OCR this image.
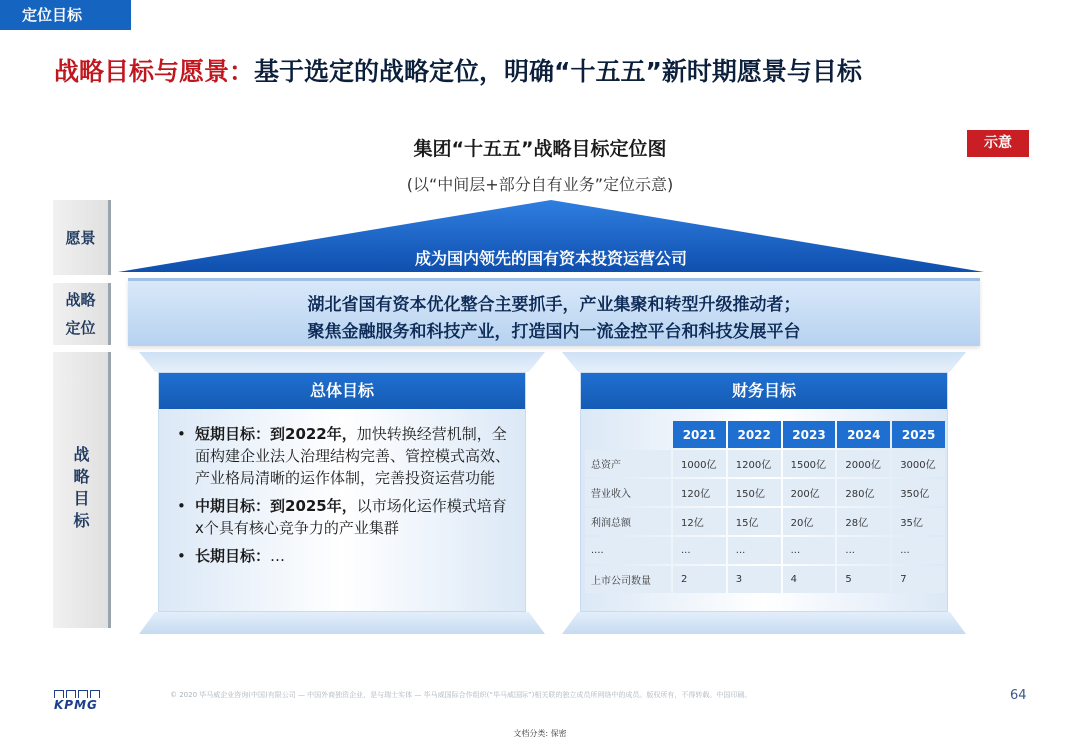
定位目标
战略目标与愿景：基于选定的战略定位，明确“十五五”新时期愿景与目标
集团“十五五”战略目标定位图
(以“中间层+部分自有业务”定位示意)
示意
愿景
战略定位
战略目标
成为国内领先的国有资本投资运营公司
湖北省国有资本优化整合主要抓手，产业集聚和转型升级推动者；
聚焦金融服务和科技产业，打造国内一流金控平台和科技发展平台
总体目标
• 短期目标：到2022年，加快转换经营机制，全面构建企业法人治理结构完善、管控模式高效、产业格局清晰的运作体制，完善投资运营功能
• 中期目标：到2025年，以市场化运作模式培育x个具有核心竞争力的产业集群
• 长期目标：…
财务目标
	2021	2022	2023	2024	2025
总资产	1000亿	1200亿	1500亿	2000亿	3000亿
营业收入	120亿	150亿	200亿	280亿	350亿
利润总额	12亿	15亿	20亿	28亿	35亿
....	...	...	...	...	...
上市公司数量	2	3	4	5	7
KPMG
© 2020 毕马威企业咨询(中国)有限公司 — 中国外商独资企业，是与瑞士实体 — 毕马威国际合作组织(“毕马威国际”)相关联的独立成员所网络中的成员。版权所有，不得转载。中国印刷。	64
文档分类: 保密
